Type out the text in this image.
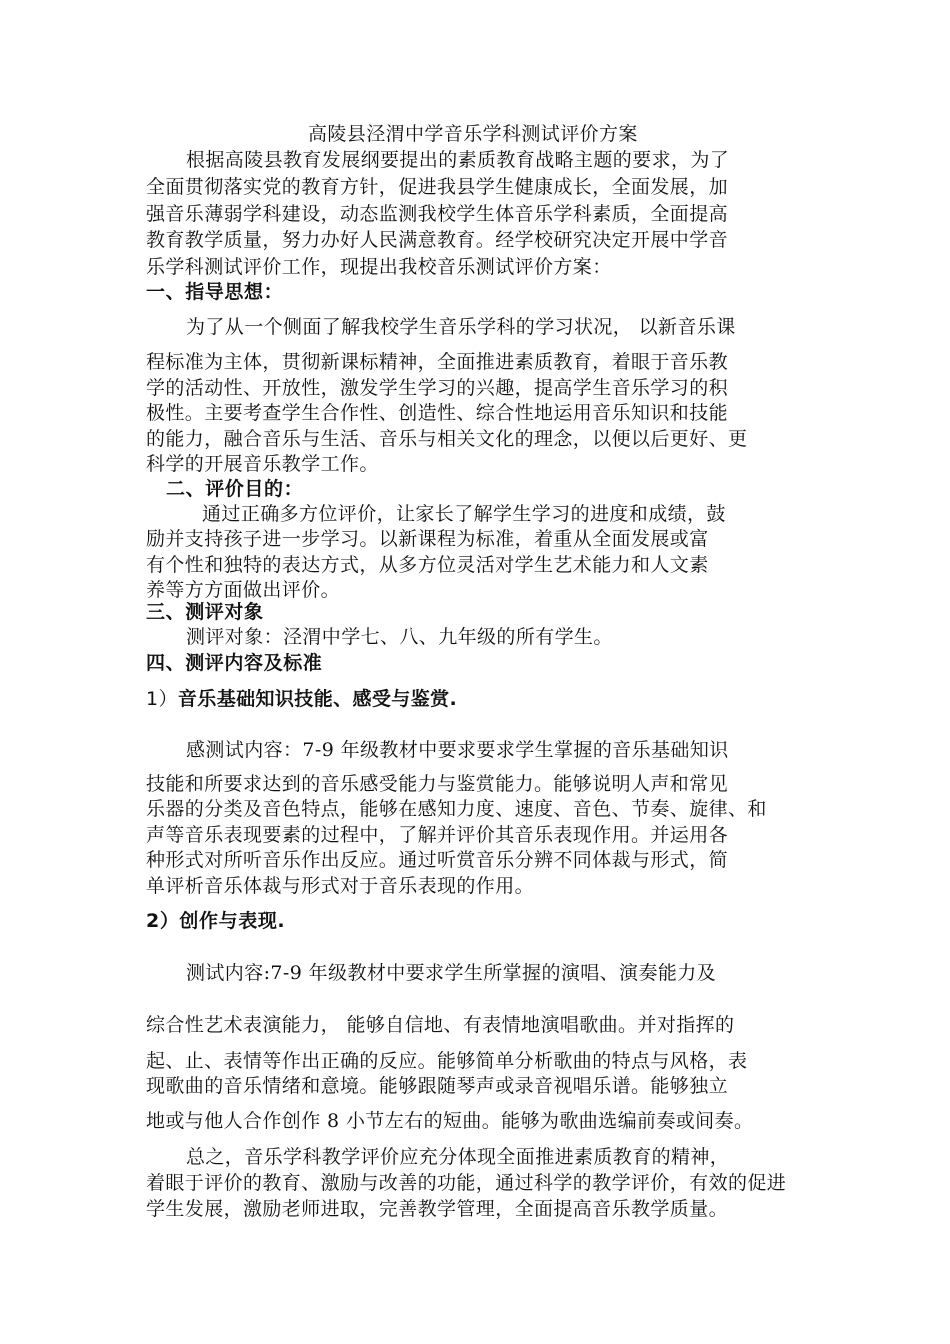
高陵县泾渭中学音乐学科测试评价方案
根据高陵县教育发展纲要提出的素质教育战略主题的要求，为了
全面贯彻落实党的教育方针，促进我县学生健康成长，全面发展，加
强音乐薄弱学科建设，动态监测我校学生体音乐学科素质，全面提高
教育教学质量，努力办好人民满意教育。经学校研究决定开展中学音
乐学科测试评价工作，现提出我校音乐测试评价方案：
一、指导思想：
为了从一个侧面了解我校学生音乐学科的学习状况， 以新音乐课
程标准为主体，贯彻新课标精神，全面推进素质教育，着眼于音乐教
学的活动性、开放性，激发学生学习的兴趣，提高学生音乐学习的积
极性。主要考查学生合作性、创造性、综合性地运用音乐知识和技能
的能力，融合音乐与生活、音乐与相关文化的理念，以便以后更好、更
科学的开展音乐教学工作。
二、评价目的：
通过正确多方位评价，让家长了解学生学习的进度和成绩，鼓
励并支持孩子进一步学习。以新课程为标准，着重从全面发展或富
有个性和独特的表达方式，从多方位灵活对学生艺术能力和人文素
养等方方面做出评价。
三、测评对象
测评对象：泾渭中学七、八、九年级的所有学生。
四、测评内容及标准
1）音乐基础知识技能、感受与鉴赏.
感测试内容：7-9 年级教材中要求要求学生掌握的音乐基础知识
技能和所要求达到的音乐感受能力与鉴赏能力。能够说明人声和常见
乐器的分类及音色特点，能够在感知力度、速度、音色、节奏、旋律、和
声等音乐表现要素的过程中，了解并评价其音乐表现作用。并运用各
种形式对所听音乐作出反应。通过听赏音乐分辨不同体裁与形式，简
单评析音乐体裁与形式对于音乐表现的作用。
2）创作与表现.
测试内容:7-9 年级教材中要求学生所掌握的演唱、演奏能力及
综合性艺术表演能力， 能够自信地、有表情地演唱歌曲。并对指挥的
起、止、表情等作出正确的反应。能够简单分析歌曲的特点与风格，表
现歌曲的音乐情绪和意境。能够跟随琴声或录音视唱乐谱。能够独立
地或与他人合作创作 8 小节左右的短曲。能够为歌曲选编前奏或间奏。
总之，音乐学科教学评价应充分体现全面推进素质教育的精神，
着眼于评价的教育、激励与改善的功能，通过科学的教学评价，有效的促进
学生发展，激励老师进取，完善教学管理，全面提高音乐教学质量。
